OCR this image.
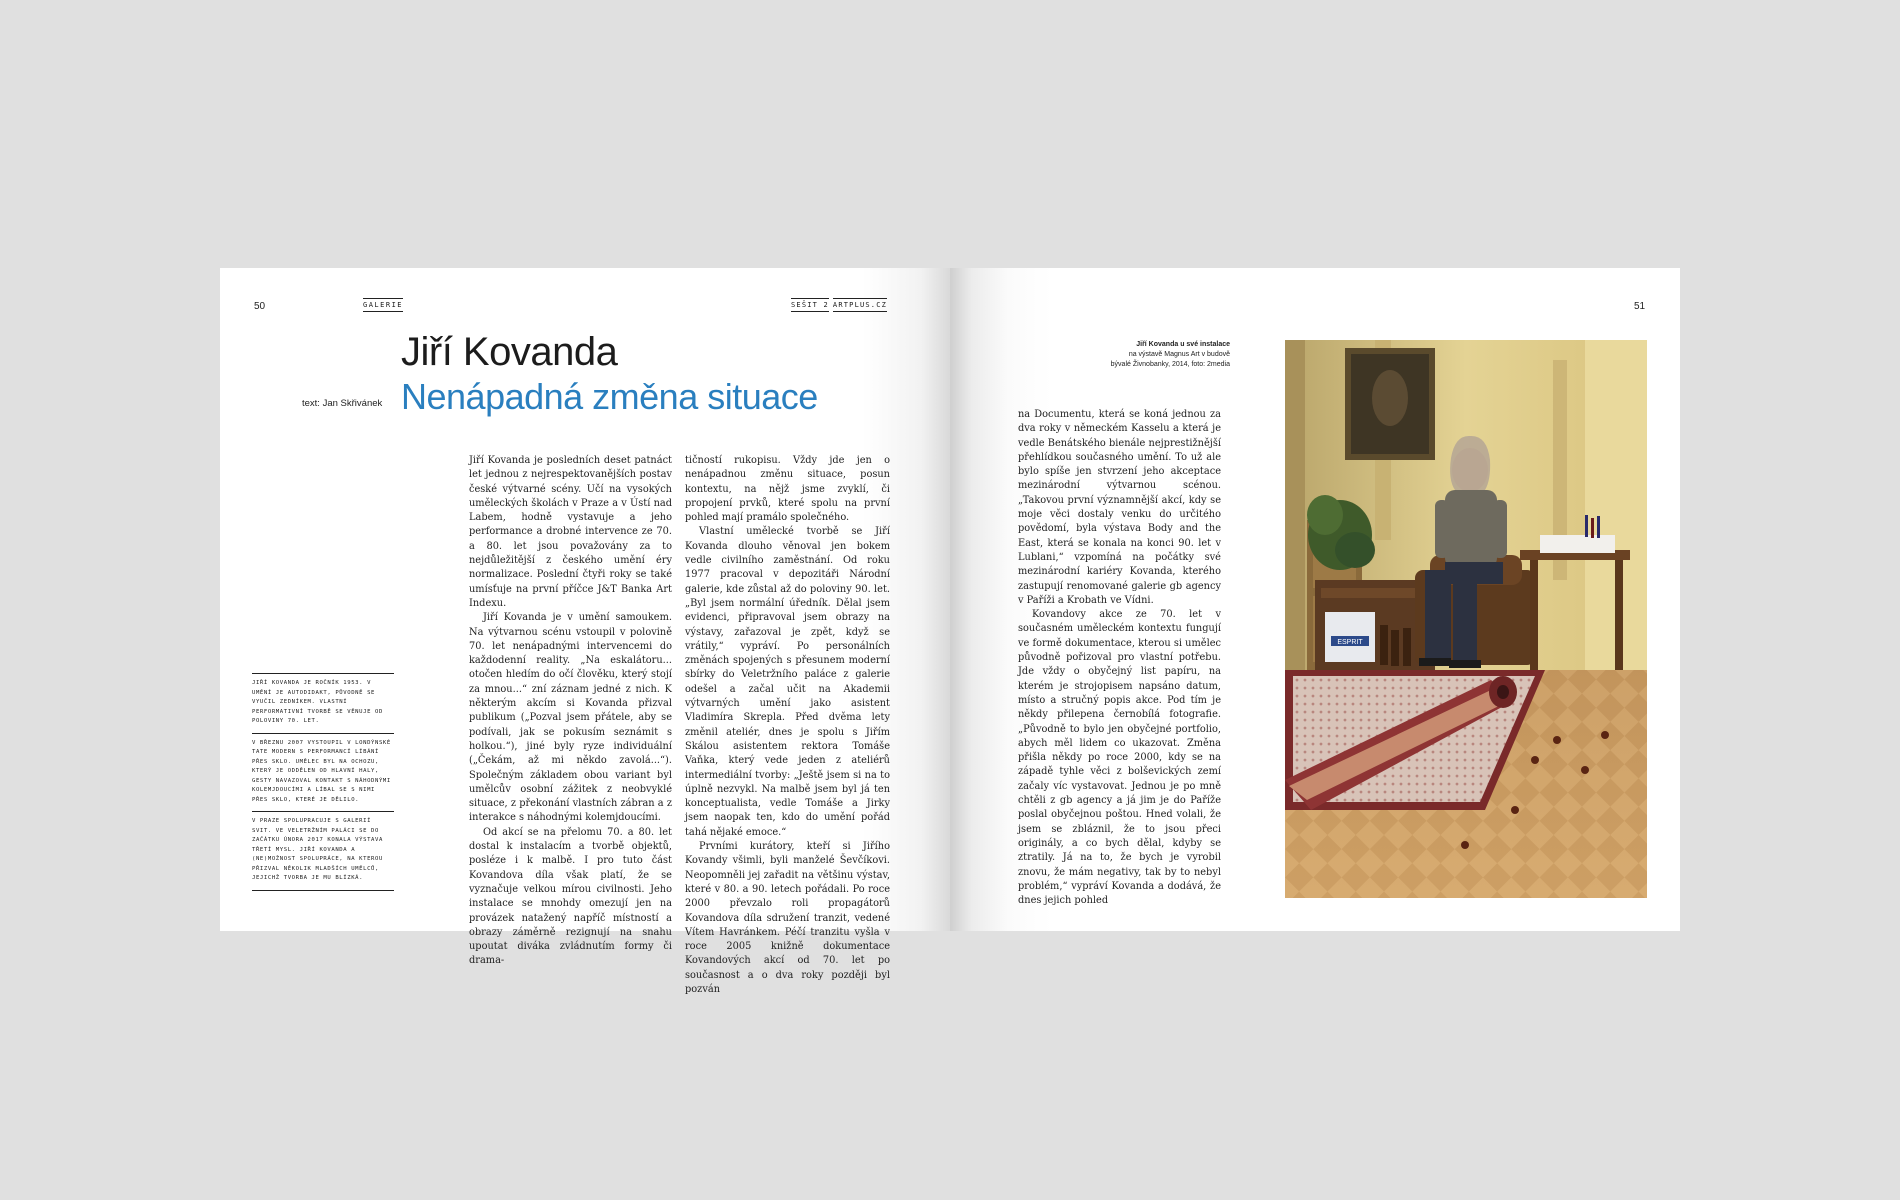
50	GALERIE	SEŠIT 2 ARTPLUS.CZ
Jiří Kovanda
text: Jan Skřivánek Nenápadná změna situace
JIŘÍ KOVANDA JE ROČNÍK 1953. V UMĚNÍ JE AUTODIDAKT, PŮVODNĚ SE VYUČIL ZEDNÍKEM. VLASTNÍ PERFORMATIVNÍ TVORBĚ SE VĚNUJE OD POLOVINY 70. LET.
V BŘEZNU 2007 VYSTOUPIL V LONDÝNSKÉ TATE MODERN S PERFORMANCÍ LÍBÁNÍ PŘES SKLO. UMĚLEC BYL NA OCHOZU, KTERÝ JE ODDĚLEN OD HLAVNÍ HALY, GESTY NAVAZOVAL KONTAKT S NÁHODNÝMI KOLEMJDOUCÍMI A LÍBAL SE S NIMI PŘES SKLO, KTERÉ JE DĚLILO.
V PRAZE SPOLUPRACUJE S GALERIÍ SVIT. VE VELETRŽNÍM PALÁCI SE DO ZAČÁTKU ÚNORA 2017 KONALA VÝSTAVA TŘETÍ MYSL. JIŘÍ KOVANDA A (NE)MOŽNOST SPOLUPRÁCE, NA KTEROU PŘIZVAL NĚKOLIK MLADŠÍCH UMĚLCŮ, JEJICHŽ TVORBA JE MU BLÍZKÁ.

Jiří Kovanda je posledních deset patnáct let jednou z nejrespektovanějších postav české výtvarné scény. Učí na vysokých uměleckých školách v Praze a v Ústí nad Labem, hodně vystavuje a jeho performance a drobné intervence ze 70. a 80. let jsou považovány za to nejdůležitější z českého umění éry normalizace. Poslední čtyři roky se také umísťuje na první příčce J&T Banka Art Indexu.

Jiří Kovanda je v umění samoukem. Na výtvarnou scénu vstoupil v polovině 70. let nenápadnými intervencemi do každodenní reality. „Na eskalátoru... otočen hledím do očí člověku, který stojí za mnou...“ zní záznam jedné z nich. K některým akcím si Kovanda přizval publikum („Pozval jsem přátele, aby se podívali, jak se pokusím seznámit s holkou.“), jiné byly ryze individuální („Čekám, až mi někdo zavolá...“). Společným základem obou variant byl umělcův osobní zážitek z neobvyklé situace, z překonání vlastních zábran a z interakce s náhodnými kolemjdoucími.

Od akcí se na přelomu 70. a 80. let dostal k instalacím a tvorbě objektů, posléze i k malbě. I pro tuto část Kovandova díla však platí, že se vyznačuje velkou mírou civilnosti. Jeho instalace se mnohdy omezují jen na provázek natažený napříč místností a obrazy záměrně rezignují na snahu upoutat diváka zvládnutím formy či drama-

tičností rukopisu. Vždy jde jen o nenápadnou změnu situace, posun kontextu, na nějž jsme zvyklí, či propojení prvků, které spolu na první pohled mají pramálo společného.

Vlastní umělecké tvorbě se Jiří Kovanda dlouho věnoval jen bokem vedle civilního zaměstnání. Od roku 1977 pracoval v depozitáři Národní galerie, kde zůstal až do poloviny 90. let. „Byl jsem normální úředník. Dělal jsem evidenci, připravoval jsem obrazy na výstavy, zařazoval je zpět, když se vrátily,“ vypráví. Po personálních změnách spojených s přesunem moderní sbírky do Veletržního paláce z galerie odešel a začal učit na Akademii výtvarných umění jako asistent Vladimíra Skrepla. Před dvěma lety změnil ateliér, dnes je spolu s Jiřím Skálou asistentem rektora Tomáše Vaňka, který vede jeden z ateliérů intermediální tvorby: „Ještě jsem si na to úplně nezvykl. Na malbě jsem byl já ten konceptualista, vedle Tomáše a Jirky jsem naopak ten, kdo do umění pořád tahá nějaké emoce.“

Prvními kurátory, kteří si Jiřího Kovandy všimli, byli manželé Ševčíkovi. Neopomněli jej zařadit na většinu výstav, které v 80. a 90. letech pořádali. Po roce 2000 převzalo roli propagátorů Kovandova díla sdružení tranzit, vedené Vítem Havránkem. Péčí tranzitu vyšla v roce 2005 knižně dokumentace Kovandových akcí od 70. let po současnost a o dva roky později byl pozván

51

na Documentu, která se koná jednou za dva roky v německém Kasselu a která je vedle Benátského bienále nejprestižnější přehlídkou současného umění. To už ale bylo spíše jen stvrzení jeho akceptace mezinárodní výtvarnou scénou. „Takovou první významnější akcí, kdy se moje věci dostaly venku do určitého povědomí, byla výstava Body and the East, která se konala na konci 90. let v Lublani,“ vzpomíná na počátky své mezinárodní kariéry Kovanda, kterého zastupují renomované galerie gb agency v Paříži a Krobath ve Vídni.

Kovandovy akce ze 70. let v současném uměleckém kontextu fungují ve formě dokumentace, kterou si umělec původně pořizoval pro vlastní potřebu. Jde vždy o obyčejný list papíru, na kterém je strojopisem napsáno datum, místo a stručný popis akce. Pod tím je někdy přilepena černobílá fotografie. „Původně to bylo jen obyčejné portfolio, abych měl lidem co ukazovat. Změna přišla někdy po roce 2000, kdy se na západě tyhle věci z bolševických zemí začaly víc vystavovat. Jednou je po mně chtěli z gb agency a já jim je do Paříže poslal obyčejnou poštou. Hned volali, že jsem se zbláznil, že to jsou přeci originály, a co bych dělal, kdyby se ztratily. Já na to, že bych je vyrobil znovu, že mám negativy, tak by to nebyl problém,“ vypráví Kovanda a dodává, že dnes jejich pohled

Jiří Kovanda u své instalace
na výstavě Magnus Art v budově bývalé Živnobanky, 2014, foto: 2media
ESPRIT
